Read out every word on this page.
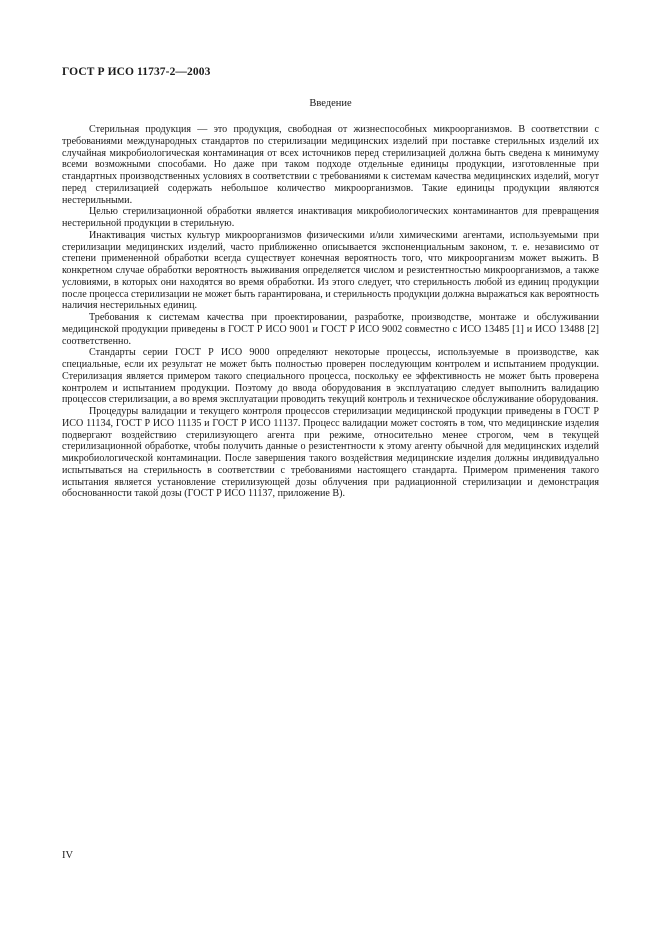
ГОСТ Р ИСО 11737-2—2003
Введение

Стерильная продукция — это продукция, свободная от жизнеспособных микроорганизмов. В соответствии с требованиями международных стандартов по стерилизации медицинских изделий при поставке стерильных изделий их случайная микробиологическая контаминация от всех источников перед стерилизацией должна быть сведена к минимуму всеми возможными способами. Но даже при таком подходе отдельные единицы продукции, изготовленные при стандартных производственных условиях в соответствии с требованиями к системам качества медицинских изделий, могут перед стерилизацией содержать небольшое количество микроорганизмов. Такие единицы продукции являются нестерильными.

Целью стерилизационной обработки является инактивация микробиологических контаминантов для превращения нестерильной продукции в стерильную.

Инактивация чистых культур микроорганизмов физическими и/или химическими агентами, используемыми при стерилизации медицинских изделий, часто приближенно описывается экспоненциальным законом, т. е. независимо от степени примененной обработки всегда существует конечная вероятность того, что микроорганизм может выжить. В конкретном случае обработки вероятность выживания определяется числом и резистентностью микроорганизмов, а также условиями, в которых они находятся во время обработки. Из этого следует, что стерильность любой из единиц продукции после процесса стерилизации не может быть гарантирована, и стерильность продукции должна выражаться как вероятность наличия нестерильных единиц.

Требования к системам качества при проектировании, разработке, производстве, монтаже и обслуживании медицинской продукции приведены в ГОСТ Р ИСО 9001 и ГОСТ Р ИСО 9002 совместно с ИСО 13485 [1] и ИСО 13488 [2] соответственно.

Стандарты серии ГОСТ Р ИСО 9000 определяют некоторые процессы, используемые в производстве, как специальные, если их результат не может быть полностью проверен последующим контролем и испытанием продукции. Стерилизация является примером такого специального процесса, поскольку ее эффективность не может быть проверена контролем и испытанием продукции. Поэтому до ввода оборудования в эксплуатацию следует выполнить валидацию процессов стерилизации, а во время эксплуатации проводить текущий контроль и техническое обслуживание оборудования.

Процедуры валидации и текущего контроля процессов стерилизации медицинской продукции приведены в ГОСТ Р ИСО 11134, ГОСТ Р ИСО 11135 и ГОСТ Р ИСО 11137. Процесс валидации может состоять в том, что медицинские изделия подвергают воздействию стерилизующего агента при режиме, относительно менее строгом, чем в текущей стерилизационной обработке, чтобы получить данные о резистентности к этому агенту обычной для медицинских изделий микробиологической контаминации. После завершения такого воздействия медицинские изделия должны индивидуально испытываться на стерильность в соответствии с требованиями настоящего стандарта. Примером применения такого испытания является установление стерилизующей дозы облучения при радиационной стерилизации и демонстрация обоснованности такой дозы (ГОСТ Р ИСО 11137, приложение В).

IV
